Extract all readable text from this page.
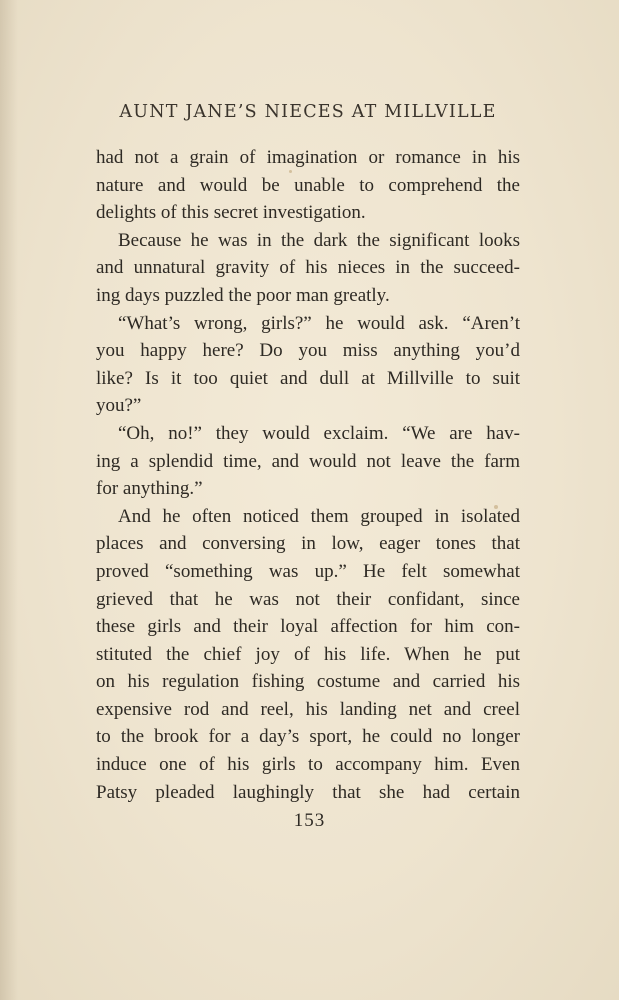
AUNT JANE’S NIECES AT MILLVILLE

had not a grain of imagination or romance in his
nature and would be unable to comprehend the
delights of this secret investigation.

Because he was in the dark the significant looks
and unnatural gravity of his nieces in the succeed-
ing days puzzled the poor man greatly.

“What’s wrong, girls?” he would ask. “Aren’t
you happy here? Do you miss anything you’d
like? Is it too quiet and dull at Millville to suit
you?”

“Oh, no!” they would exclaim. “We are hav-
ing a splendid time, and would not leave the farm
for anything.”

And he often noticed them grouped in isolated
places and conversing in low, eager tones that
proved “something was up.” He felt somewhat
grieved that he was not their confidant, since
these girls and their loyal affection for him con-
stituted the chief joy of his life. When he put
on his regulation fishing costume and carried his
expensive rod and reel, his landing net and creel
to the brook for a day’s sport, he could no longer
induce one of his girls to accompany him. Even
Patsy pleaded laughingly that she had certain

153
